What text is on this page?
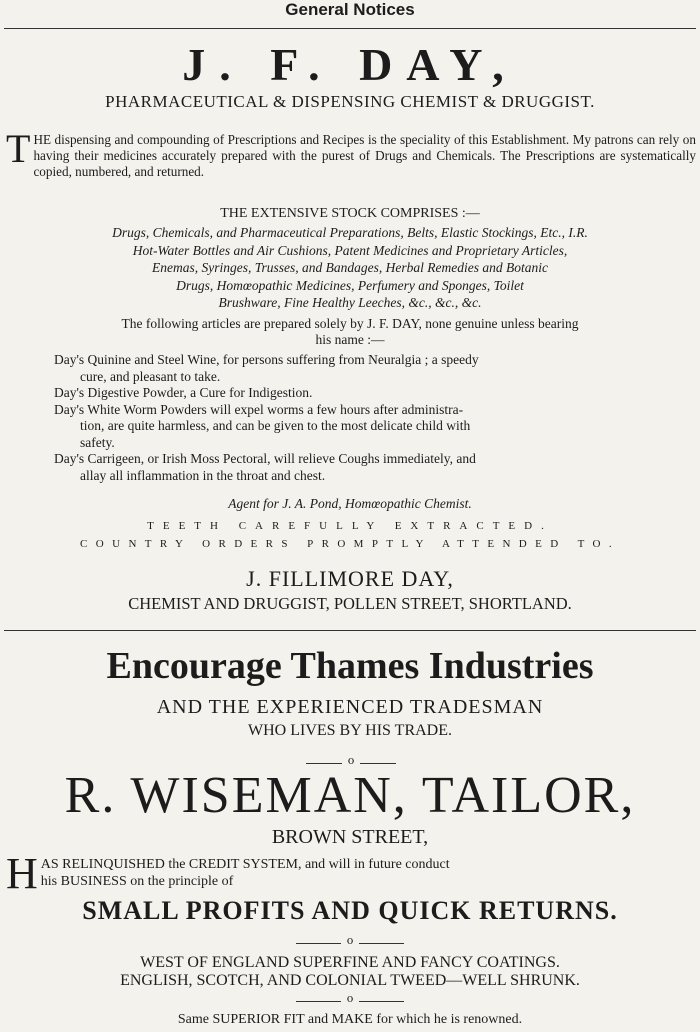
General Notices
J. F. DAY,
PHARMACEUTICAL & DISPENSING CHEMIST & DRUGGIST.
THE dispensing and compounding of Prescriptions and Recipes is the speciality of this Establishment. My patrons can rely on having their medicines accurately prepared with the purest of Drugs and Chemicals. The Prescriptions are systematically copied, numbered, and returned.
THE EXTENSIVE STOCK COMPRISES :—
Drugs, Chemicals, and Pharmaceutical Preparations, Belts, Elastic Stockings, Etc., I.R.
Hot-Water Bottles and Air Cushions, Patent Medicines and Proprietary Articles,
Enemas, Syringes, Trusses, and Bandages, Herbal Remedies and Botanic
Drugs, Homœopathic Medicines, Perfumery and Sponges, Toilet
Brushware, Fine Healthy Leeches, &c., &c., &c.
The following articles are prepared solely by J. F. DAY, none genuine unless bearing
his name :—
Day's Quinine and Steel Wine, for persons suffering from Neuralgia ; a speedy
cure, and pleasant to take.
Day's Digestive Powder, a Cure for Indigestion.
Day's White Worm Powders will expel worms a few hours after administra-
tion, are quite harmless, and can be given to the most delicate child with
safety.
Day's Carrigeen, or Irish Moss Pectoral, will relieve Coughs immediately, and
allay all inflammation in the throat and chest.
Agent for J. A. Pond, Homœopathic Chemist.
TEETH CAREFULLY EXTRACTED.
COUNTRY ORDERS PROMPTLY ATTENDED TO.
J. FILLIMORE DAY,
CHEMIST AND DRUGGIST, POLLEN STREET, SHORTLAND.
Encourage Thames Industries
AND THE EXPERIENCED TRADESMAN
WHO LIVES BY HIS TRADE.
o
R. WISEMAN, TAILOR,
BROWN STREET,
H AS RELINQUISHED the CREDIT SYSTEM, and will in future conduct
his BUSINESS on the principle of
SMALL PROFITS AND QUICK RETURNS.
o
WEST OF ENGLAND SUPERFINE AND FANCY COATINGS.
ENGLISH, SCOTCH, AND COLONIAL TWEED—WELL SHRUNK.
o
Same SUPERIOR FIT and MAKE for which he is renowned.
